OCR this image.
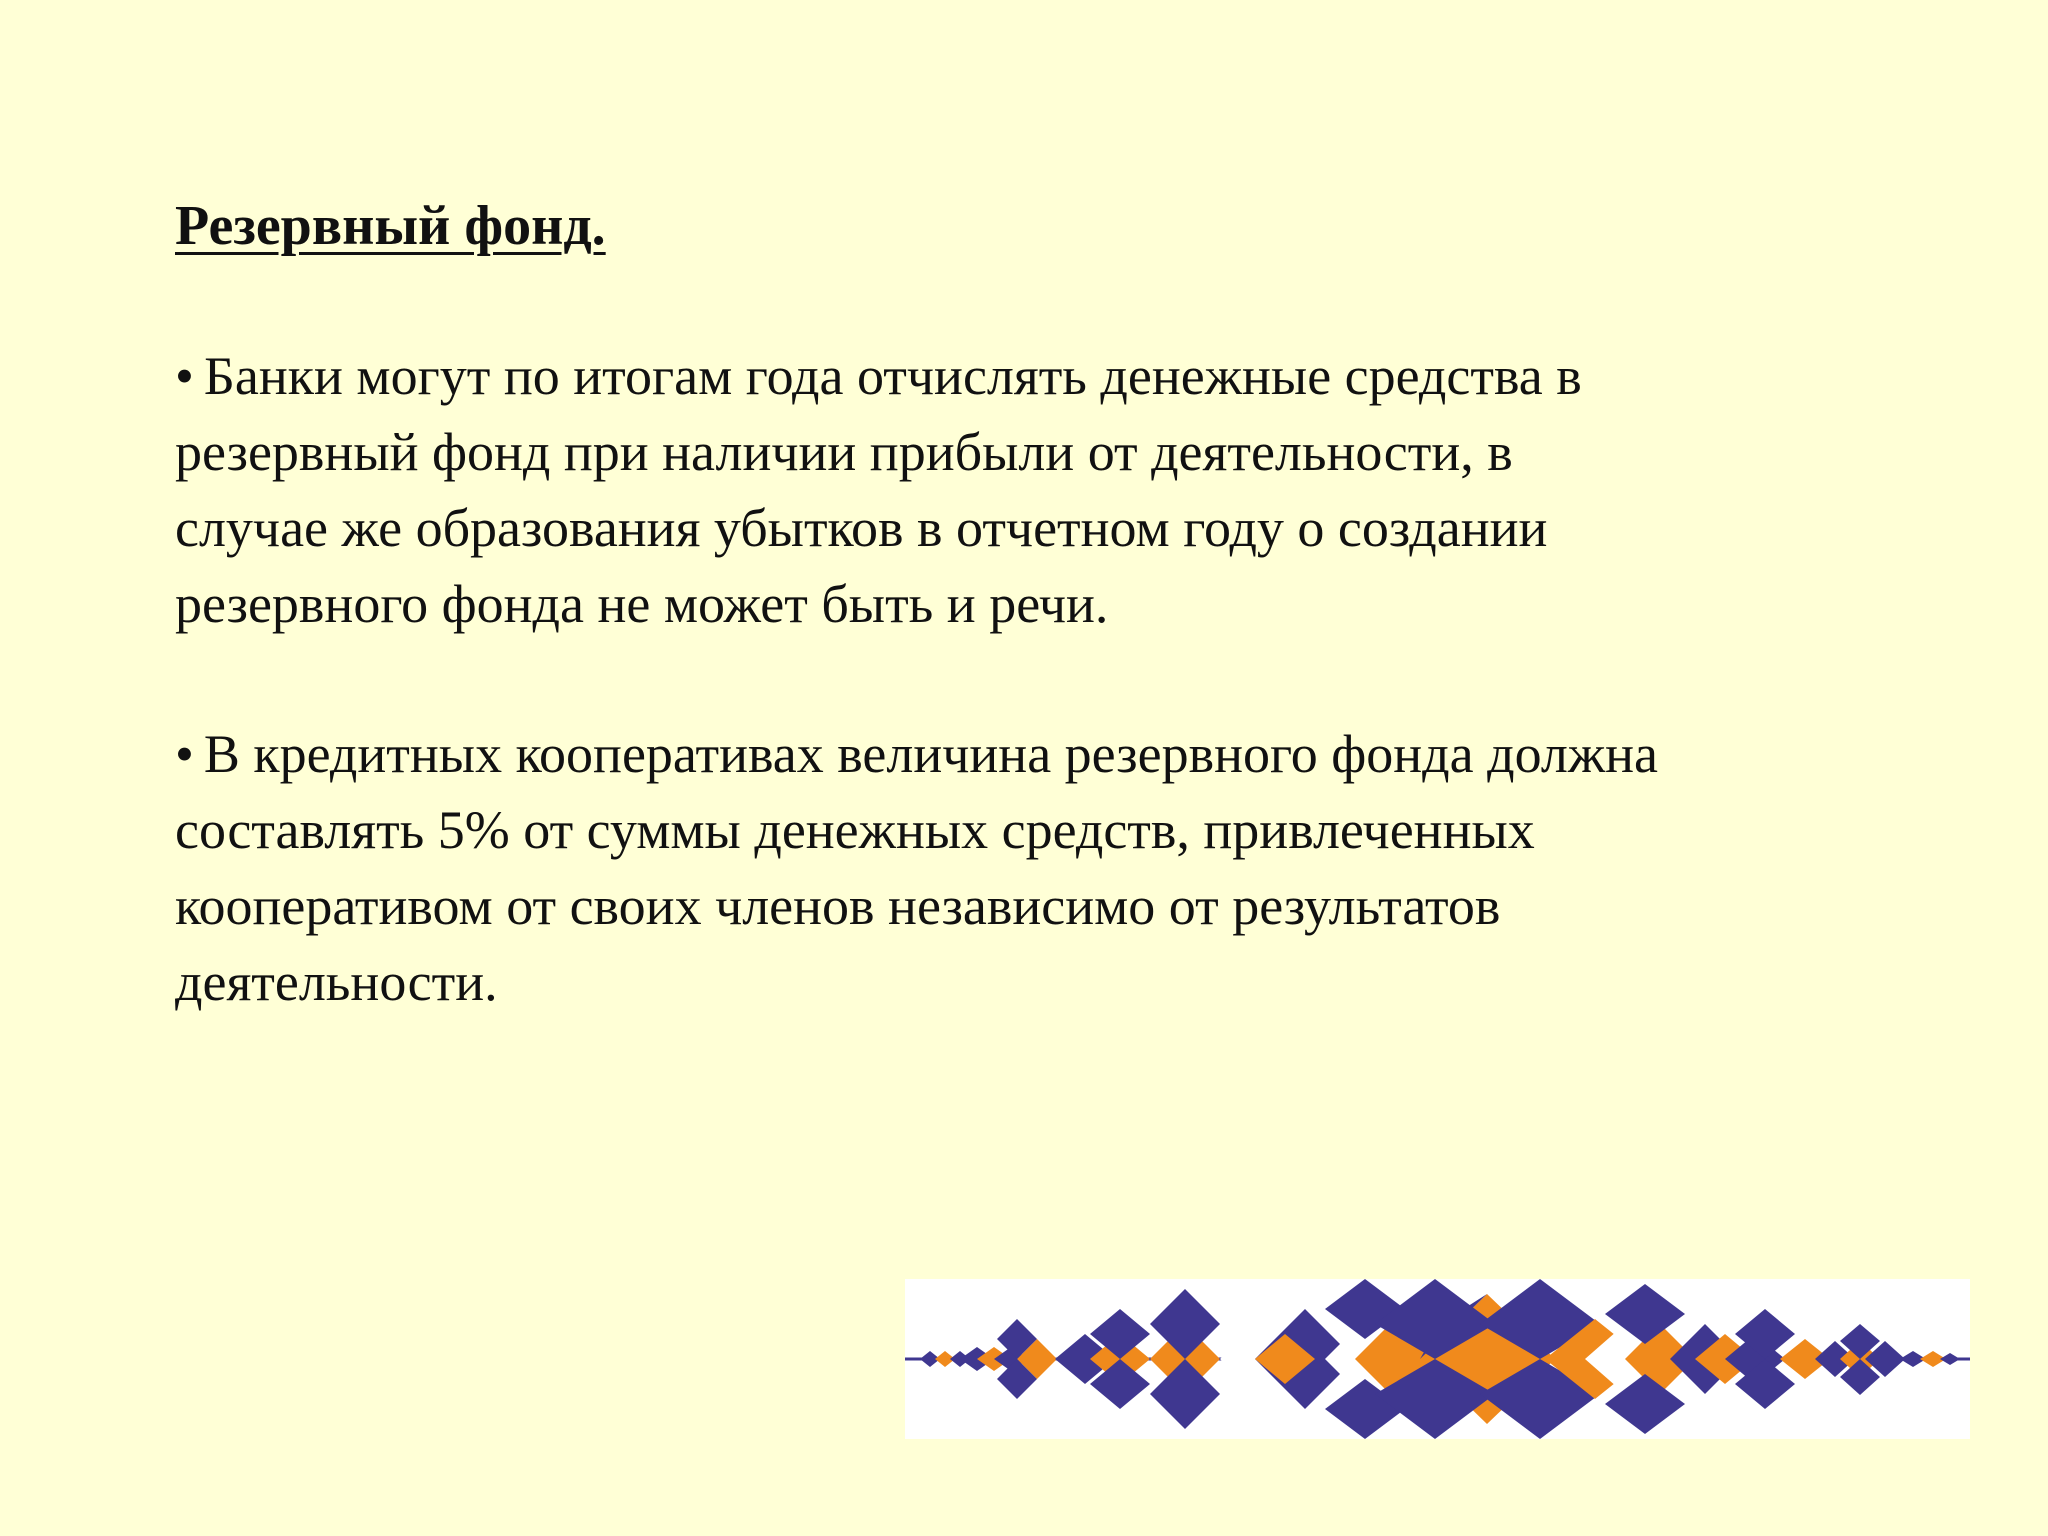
Резервный фонд.
• Банки могут по итогам года отчислять денежные средства в
резервный фонд при наличии прибыли от деятельности, в
случае же образования убытков в отчетном году о создании
резервного фонда не может быть и речи.
• В кредитных кооперативах величина резервного фонда должна
составлять 5% от суммы денежных средств, привлеченных
кооперативом от своих членов независимо от результатов
деятельности.
